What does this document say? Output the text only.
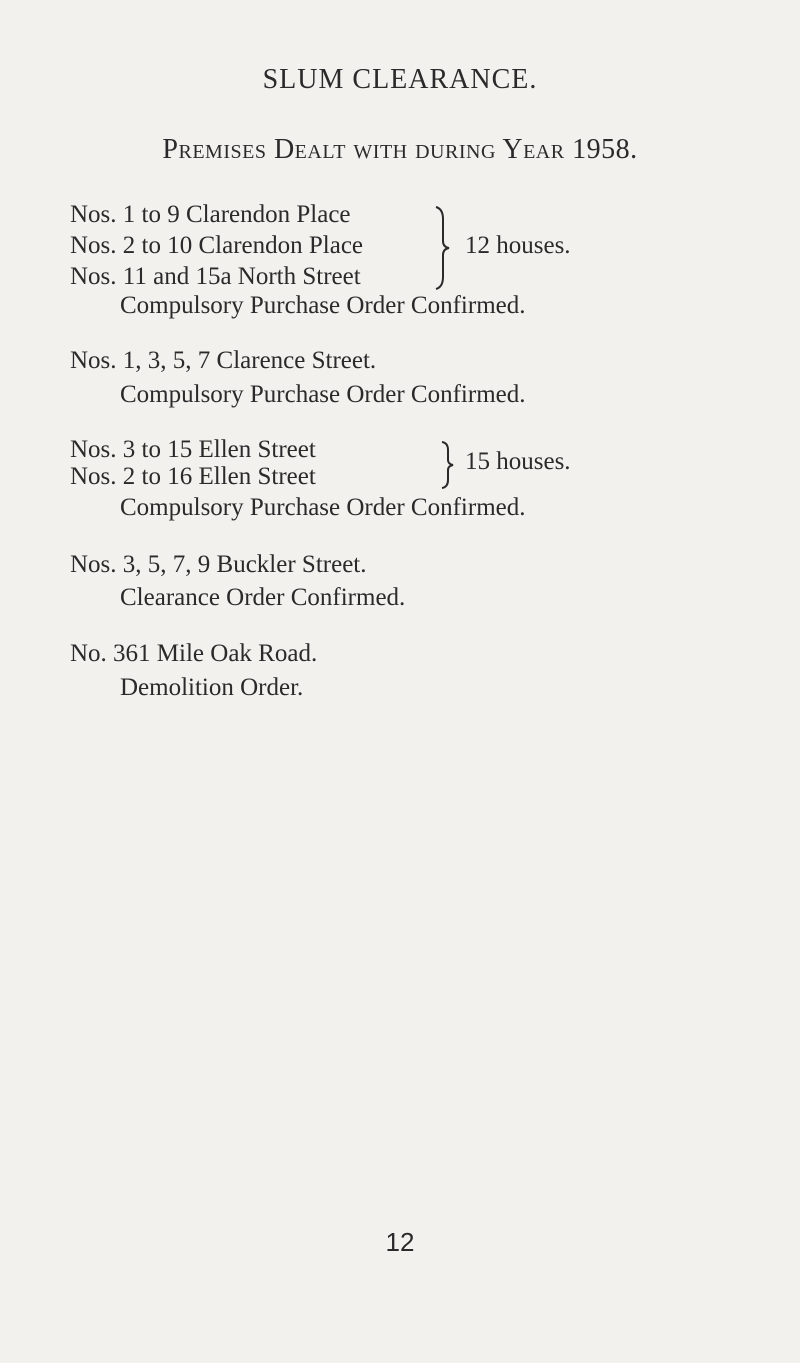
SLUM CLEARANCE.
Premises Dealt with during Year 1958.
Nos. 1 to 9 Clarendon Place
Nos. 2 to 10 Clarendon Place
Nos. 11 and 15a North Street
12 houses.
Compulsory Purchase Order Confirmed.
Nos. 1, 3, 5, 7 Clarence Street.
Compulsory Purchase Order Confirmed.
Nos. 3 to 15 Ellen Street
Nos. 2 to 16 Ellen Street
15 houses.
Compulsory Purchase Order Confirmed.
Nos. 3, 5, 7, 9 Buckler Street.
Clearance Order Confirmed.
No. 361 Mile Oak Road.
Demolition Order.
12
